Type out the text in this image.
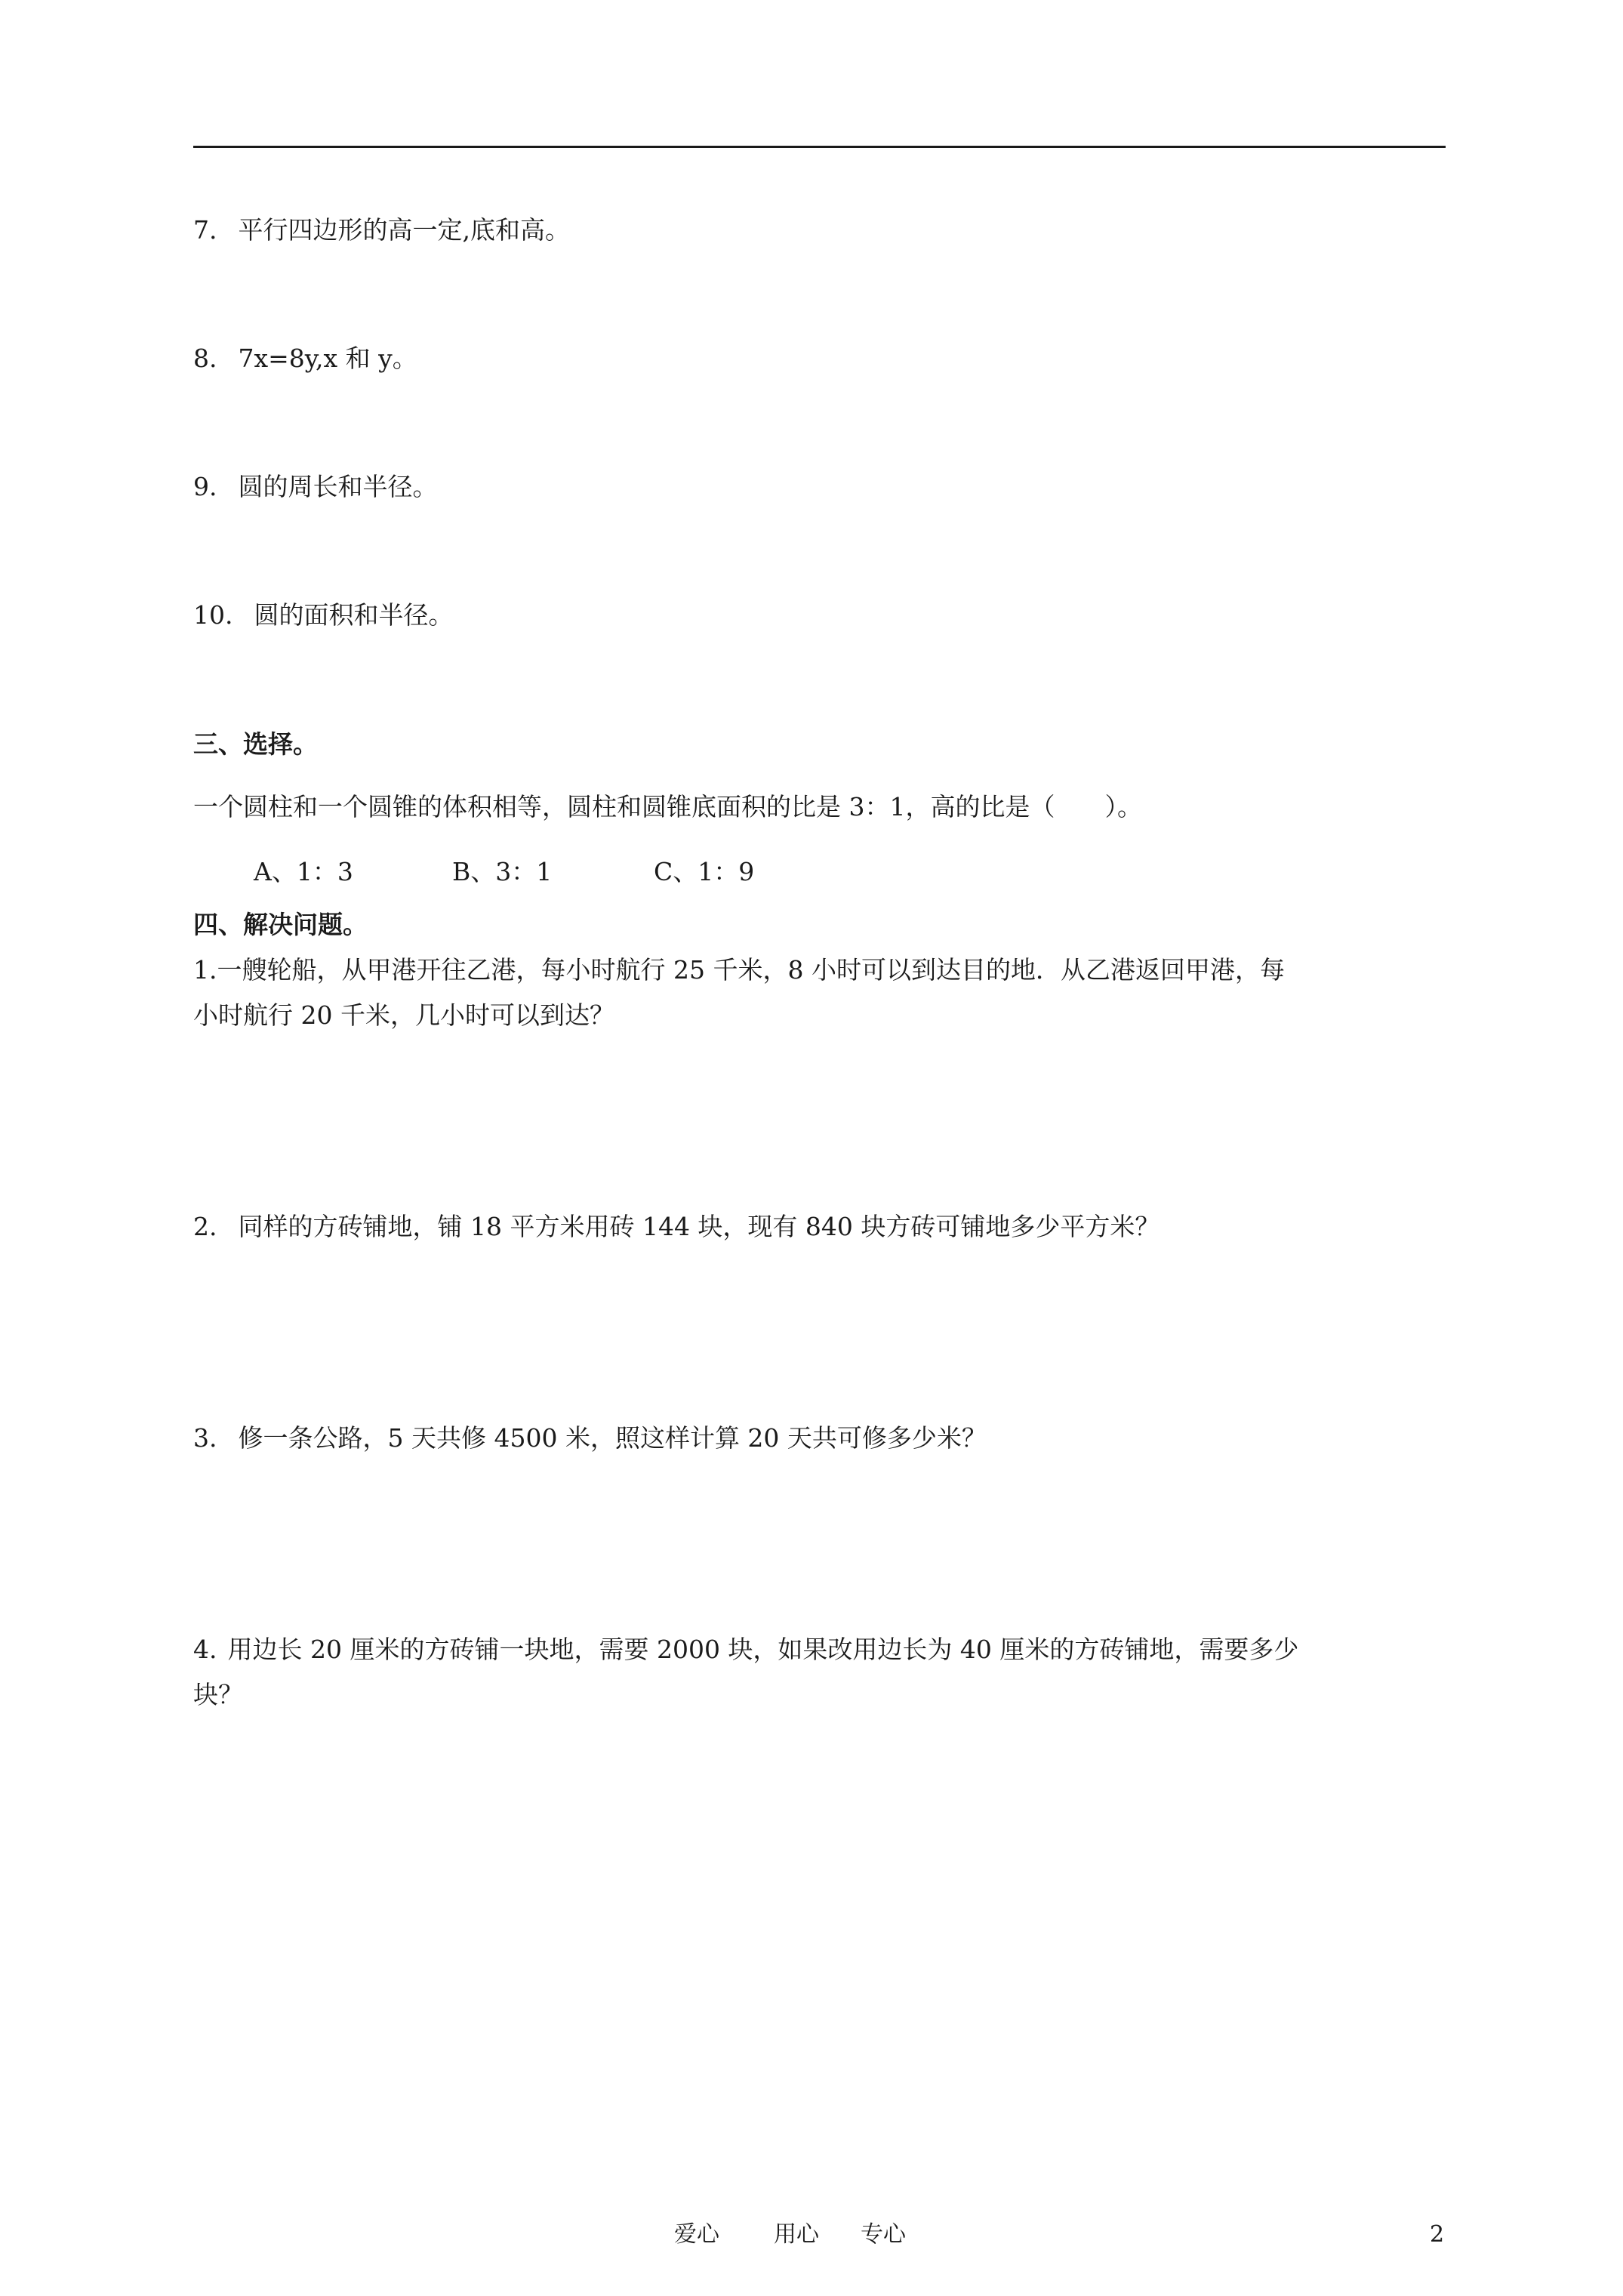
7. 平行四边形的高一定,底和高。
8. 7x=8y,x 和 y。
9. 圆的周长和半径。
10. 圆的面积和半径。
三、选择。
一个圆柱和一个圆锥的体积相等，圆柱和圆锥底面积的比是 3：1，高的比是（　　）。
A、1：3	B、3：1	C、1：9
四、解决问题。
1.一艘轮船，从甲港开往乙港，每小时航行 25 千米，8 小时可以到达目的地．从乙港返回甲港，每
小时航行 20 千米，几小时可以到达？
2. 同样的方砖铺地，铺 18 平方米用砖 144 块，现有 840 块方砖可铺地多少平方米？
3. 修一条公路，5 天共修 4500 米，照这样计算 20 天共可修多少米？
4. 用边长 20 厘米的方砖铺一块地，需要 2000 块，如果改用边长为 40 厘米的方砖铺地，需要多少
块？
爱心 用心 专心	2
